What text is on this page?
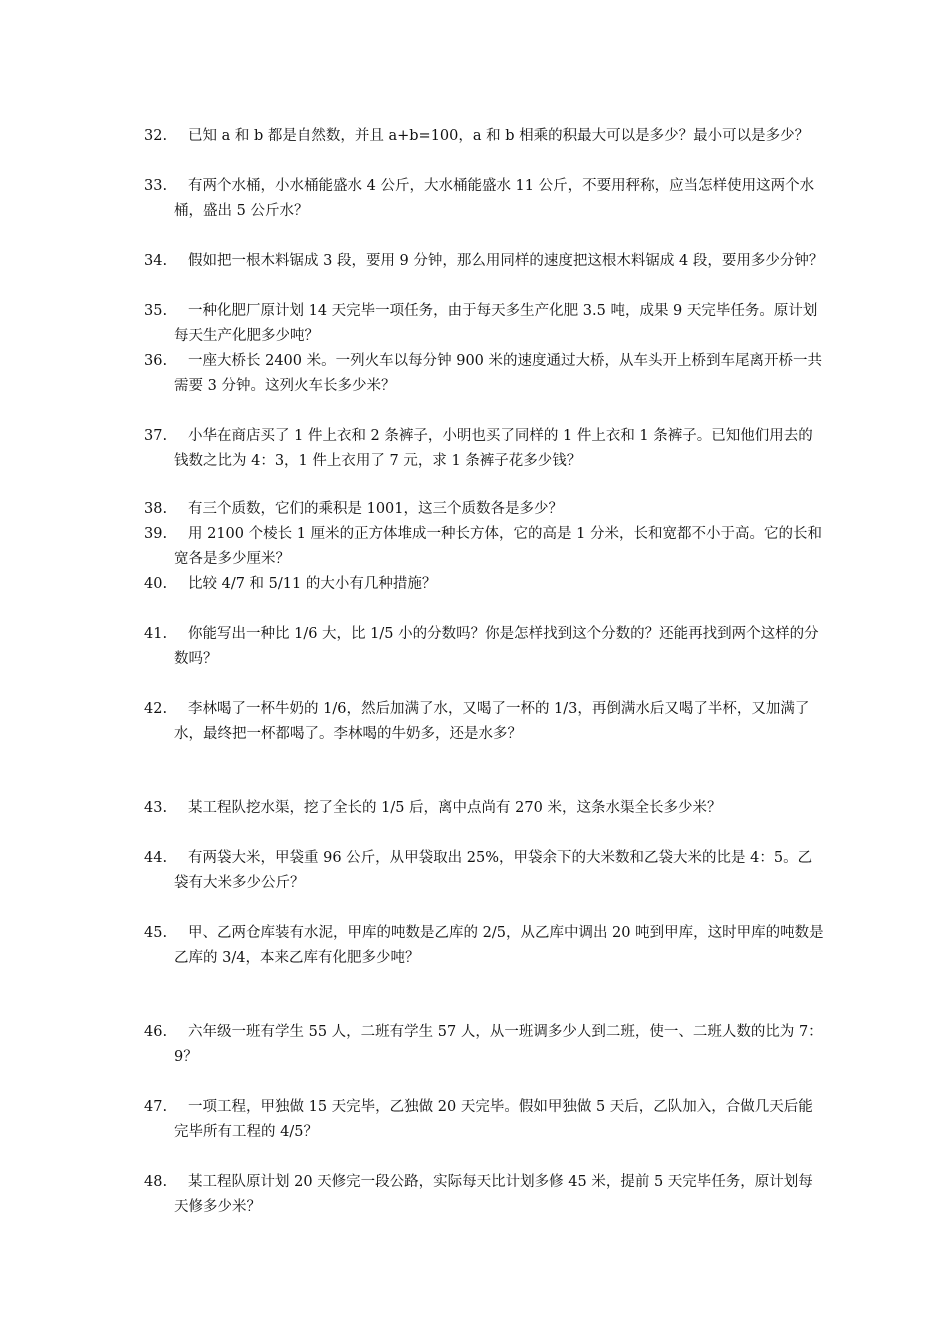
32.	已知 a 和 b 都是自然数，并且 a+b=100，a 和 b 相乘的积最大可以是多少？最小可以是多少？
33.	有两个水桶，小水桶能盛水 4 公斤，大水桶能盛水 11 公斤，不要用秤称，应当怎样使用这两个水桶，盛出 5 公斤水？
34.	假如把一根木料锯成 3 段，要用 9 分钟，那么用同样的速度把这根木料锯成 4 段，要用多少分钟？
35.	一种化肥厂原计划 14 天完毕一项任务，由于每天多生产化肥 3.5 吨，成果 9 天完毕任务。原计划每天生产化肥多少吨？
36.	一座大桥长 2400 米。一列火车以每分钟 900 米的速度通过大桥，从车头开上桥到车尾离开桥一共需要 3 分钟。这列火车长多少米？
37.	小华在商店买了 1 件上衣和 2 条裤子，小明也买了同样的 1 件上衣和 1 条裤子。已知他们用去的钱数之比为 4：3，1 件上衣用了 7 元，求 1 条裤子花多少钱？
38.	有三个质数，它们的乘积是 1001，这三个质数各是多少？
39.	用 2100 个棱长 1 厘米的正方体堆成一种长方体，它的高是 1 分米，长和宽都不小于高。它的长和宽各是多少厘米？
40.	比较 4/7 和 5/11 的大小有几种措施？
41.	你能写出一种比 1/6 大，比 1/5 小的分数吗？你是怎样找到这个分数的？还能再找到两个这样的分数吗？
42.	李林喝了一杯牛奶的 1/6，然后加满了水，又喝了一杯的 1/3，再倒满水后又喝了半杯，又加满了水，最终把一杯都喝了。李林喝的牛奶多，还是水多？
43.	某工程队挖水渠，挖了全长的 1/5 后，离中点尚有 270 米，这条水渠全长多少米？
44.	有两袋大米，甲袋重 96 公斤，从甲袋取出 25%，甲袋余下的大米数和乙袋大米的比是 4：5。乙袋有大米多少公斤？
45.	甲、乙两仓库装有水泥，甲库的吨数是乙库的 2/5，从乙库中调出 20 吨到甲库，这时甲库的吨数是乙库的 3/4，本来乙库有化肥多少吨？
46.	六年级一班有学生 55 人，二班有学生 57 人，从一班调多少人到二班，使一、二班人数的比为 7：9？
47.	一项工程，甲独做 15 天完毕，乙独做 20 天完毕。假如甲独做 5 天后，乙队加入，合做几天后能完毕所有工程的 4/5？
48.	某工程队原计划 20 天修完一段公路，实际每天比计划多修 45 米，提前 5 天完毕任务，原计划每天修多少米？
